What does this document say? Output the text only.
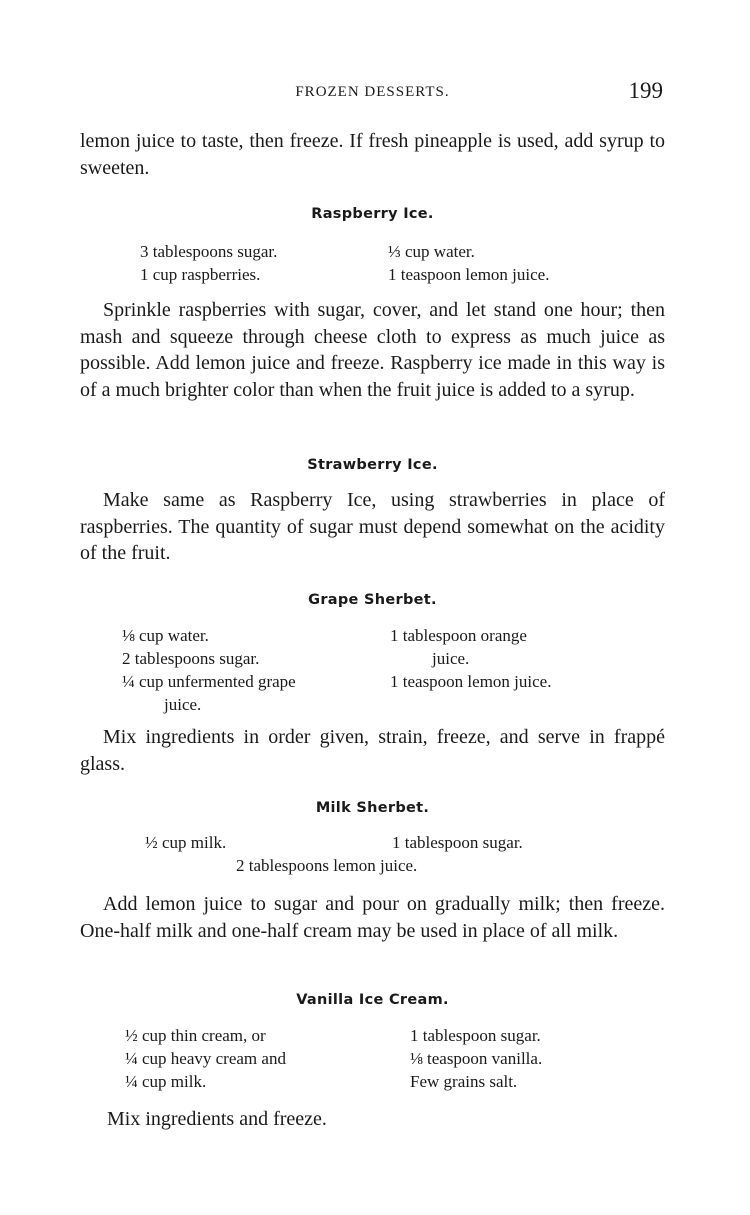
FROZEN DESSERTS.	199

lemon juice to taste, then freeze. If fresh pineapple is used, add syrup to sweeten.

Raspberry Ice.
3 tablespoons sugar.
1 cup raspberries.
⅓ cup water.
1 teaspoon lemon juice.

Sprinkle raspberries with sugar, cover, and let stand one hour; then mash and squeeze through cheese cloth to express as much juice as possible. Add lemon juice and freeze. Raspberry ice made in this way is of a much brighter color than when the fruit juice is added to a syrup.

Strawberry Ice.

Make same as Raspberry Ice, using strawberries in place of raspberries. The quantity of sugar must depend somewhat on the acidity of the fruit.

Grape Sherbet.
⅛ cup water.
2 tablespoons sugar.
¼ cup unfermented grape
juice.
1 tablespoon orange
juice.
1 teaspoon lemon juice.

Mix ingredients in order given, strain, freeze, and serve in frappé glass.

Milk Sherbet.
½ cup milk.	1 tablespoon sugar.
2 tablespoons lemon juice.

Add lemon juice to sugar and pour on gradually milk; then freeze. One-half milk and one-half cream may be used in place of all milk.

Vanilla Ice Cream.
½ cup thin cream, or
¼ cup heavy cream and
¼ cup milk.
1 tablespoon sugar.
⅛ teaspoon vanilla.
Few grains salt.

Mix ingredients and freeze.
